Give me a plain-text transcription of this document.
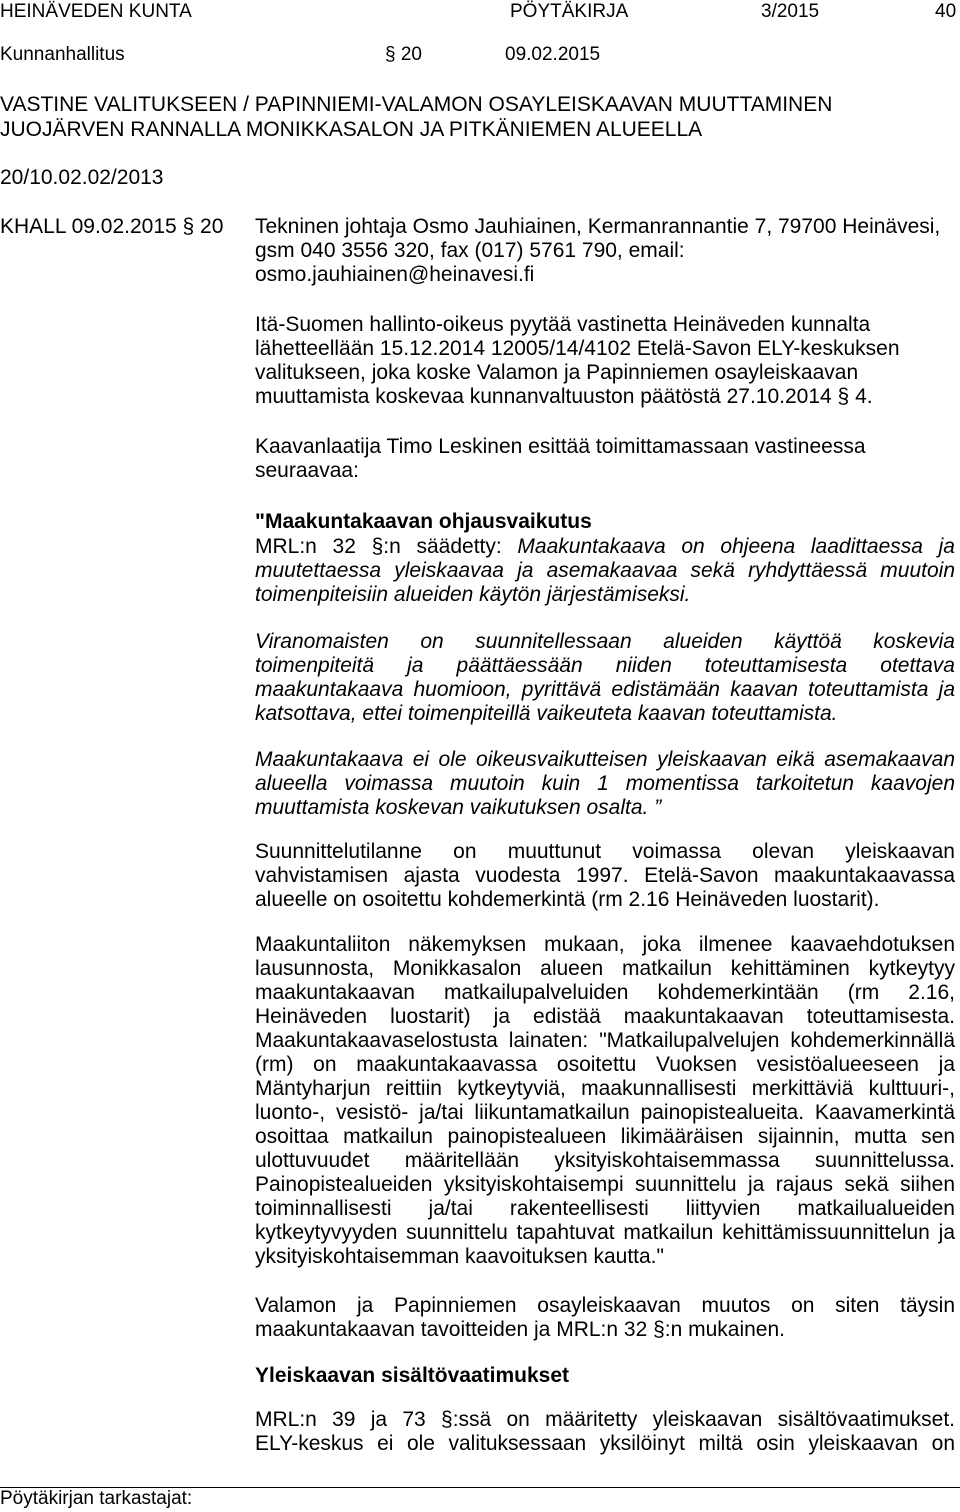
HEINÄVEDEN KUNTA	PÖYTÄKIRJA	3/2015	40
Kunnanhallitus	§ 20	09.02.2015
VASTINE VALITUKSEEN / PAPINNIEMI-VALAMON OSAYLEISKAAVAN MUUTTAMINEN
JUOJÄRVEN RANNALLA MONIKKASALON JA PITKÄNIEMEN ALUEELLA
20/10.02.02/2013
KHALL 09.02.2015 § 20 Tekninen johtaja Osmo Jauhiainen, Kermanrannantie 7, 79700 Heinävesi,
gsm 040 3556 320, fax (017) 5761 790, email:
osmo.jauhiainen@heinavesi.fi
Itä-Suomen hallinto-oikeus pyytää vastinetta Heinäveden kunnalta
lähetteellään 15.12.2014 12005/14/4102 Etelä-Savon ELY-keskuksen
valitukseen, joka koske Valamon ja Papinniemen osayleiskaavan
muuttamista koskevaa kunnanvaltuuston päätöstä 27.10.2014 § 4.
Kaavanlaatija Timo Leskinen esittää toimittamassaan vastineessa
seuraavaa:
"Maakuntakaavan ohjausvaikutus
MRL:n 32 §:n säädetty: Maakuntakaava on ohjeena laadittaessa ja
muutettaessa yleiskaavaa ja asemakaavaa sekä ryhdyttäessä muutoin
toimenpiteisiin alueiden käytön järjestämiseksi.
Viranomaisten on suunnitellessaan alueiden käyttöä koskevia
toimenpiteitä ja päättäessään niiden toteuttamisesta otettava
maakuntakaava huomioon, pyrittävä edistämään kaavan toteuttamista ja
katsottava, ettei toimenpiteillä vaikeuteta kaavan toteuttamista.
Maakuntakaava ei ole oikeusvaikutteisen yleiskaavan eikä asemakaavan
alueella voimassa muutoin kuin 1 momentissa tarkoitetun kaavojen
muuttamista koskevan vaikutuksen osalta. ”
Suunnittelutilanne on muuttunut voimassa olevan yleiskaavan
vahvistamisen ajasta vuodesta 1997. Etelä-Savon maakuntakaavassa
alueelle on osoitettu kohdemerkintä (rm 2.16 Heinäveden luostarit).
Maakuntaliiton näkemyksen mukaan, joka ilmenee kaavaehdotuksen
lausunnosta, Monikkasalon alueen matkailun kehittäminen kytkeytyy
maakuntakaavan matkailupalveluiden kohdemerkintään (rm 2.16,
Heinäveden luostarit) ja edistää maakuntakaavan toteuttamisesta.
Maakuntakaavaselostusta lainaten: "Matkailupalvelujen kohdemerkinnällä
(rm) on maakuntakaavassa osoitettu Vuoksen vesistöalueeseen ja
Mäntyharjun reittiin kytkeytyviä, maakunnallisesti merkittäviä kulttuuri-,
luonto-, vesistö- ja/tai liikuntamatkailun painopistealueita. Kaavamerkintä
osoittaa matkailun painopistealueen likimääräisen sijainnin, mutta sen
ulottuvuudet määritellään yksityiskohtaisemmassa suunnittelussa.
Painopistealueiden yksityiskohtaisempi suunnittelu ja rajaus sekä siihen
toiminnallisesti ja/tai rakenteellisesti liittyvien matkailualueiden
kytkeytyvyyden suunnittelu tapahtuvat matkailun kehittämissuunnittelun ja
yksityiskohtaisemman kaavoituksen kautta."
Valamon ja Papinniemen osayleiskaavan muutos on siten täysin
maakuntakaavan tavoitteiden ja MRL:n 32 §:n mukainen.
Yleiskaavan sisältövaatimukset
MRL:n 39 ja 73 §:ssä on määritetty yleiskaavan sisältövaatimukset.
ELY-keskus ei ole valituksessaan yksilöinyt miltä osin yleiskaavan on
Pöytäkirjan tarkastajat:
